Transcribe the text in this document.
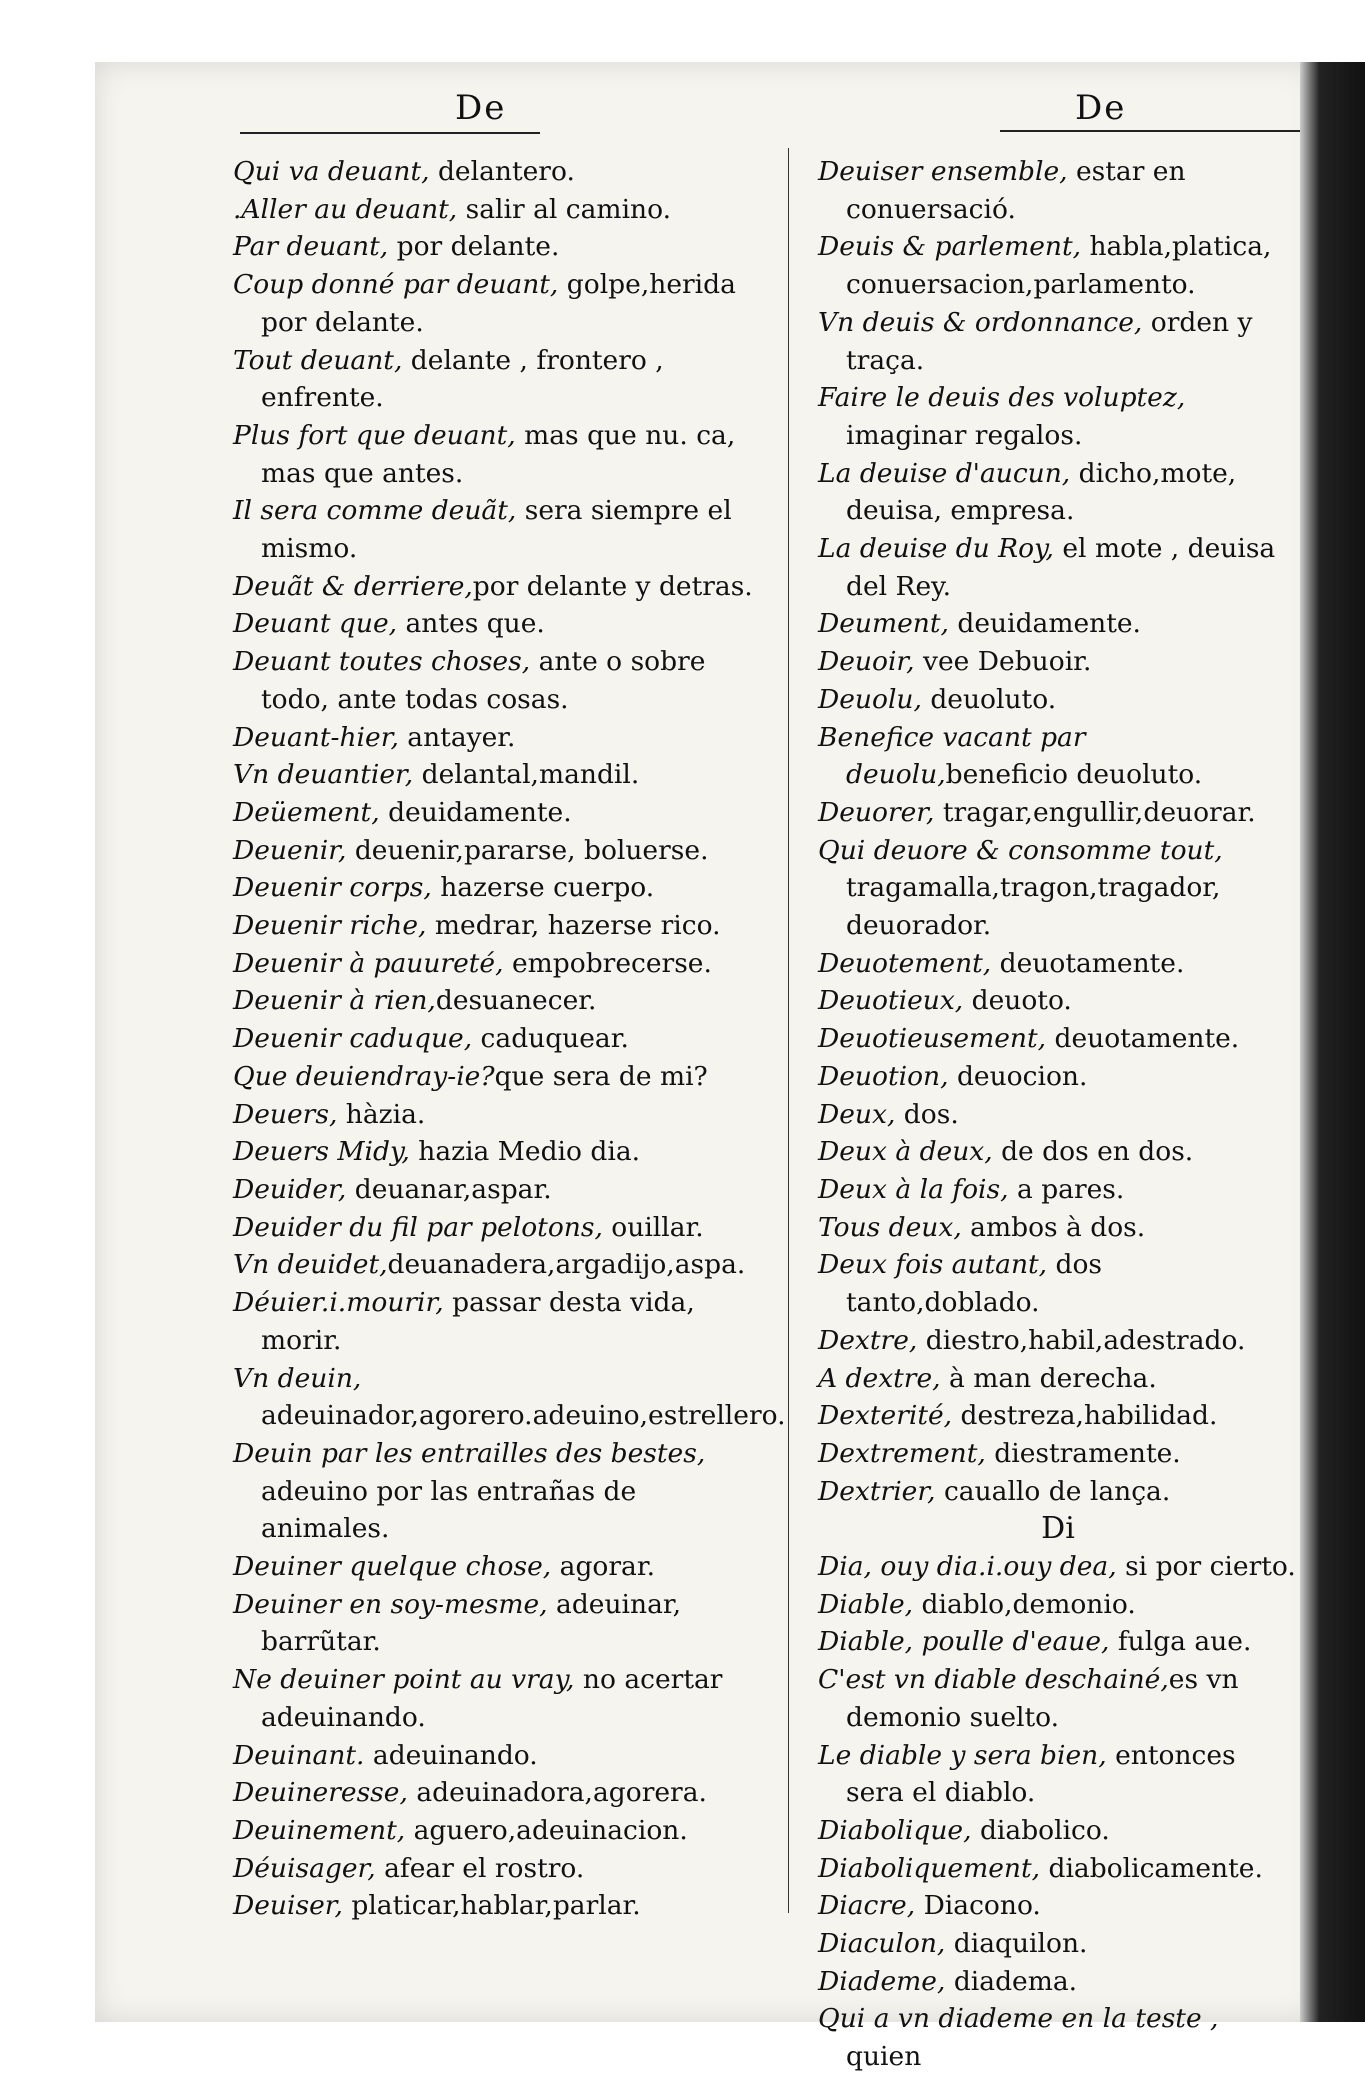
De	De

Qui va deuant, delantero.

.Aller au deuant, salir al camino.

Par deuant, por delante.

Coup donné par deuant, golpe,herida por delante.

Tout deuant, delante , frontero , enfrente.

Plus fort que deuant, mas que nu. ca, mas que antes.

Il sera comme deuãt, sera siempre el mismo.

Deuãt & derriere,por delante y detras.

Deuant que, antes que.

Deuant toutes choses, ante o sobre todo, ante todas cosas.

Deuant-hier, antayer.

Vn deuantier, delantal,mandil.

Deüement, deuidamente.

Deuenir, deuenir,pararse, boluerse.

Deuenir corps, hazerse cuerpo.

Deuenir riche, medrar, hazerse rico.

Deuenir à pauureté, empobrecerse.

Deuenir à rien,desuanecer.

Deuenir caduque, caduquear.

Que deuiendray-ie?que sera de mi?

Deuers, hàzia.

Deuers Midy, hazia Medio dia.

Deuider, deuanar,aspar.

Deuider du fil par pelotons, ouillar.

Vn deuidet,deuanadera,argadijo,aspa.

Déuier.i.mourir, passar desta vida, morir.

Vn deuin, adeuinador,agorero.adeuino,estrellero.

Deuin par les entrailles des bestes, adeuino por las entrañas de animales.

Deuiner quelque chose, agorar.

Deuiner en soy-mesme, adeuinar, barrũtar.

Ne deuiner point au vray, no acertar adeuinando.

Deuinant. adeuinando.

Deuineresse, adeuinadora,agorera.

Deuinement, aguero,adeuinacion.

Déuisager, afear el rostro.

Deuiser, platicar,hablar,parlar.

Deuiser ensemble, estar en conuersació.

Deuis & parlement, habla,platica, conuersacion,parlamento.

Vn deuis & ordonnance, orden y traça.

Faire le deuis des voluptez, imaginar regalos.

La deuise d'aucun, dicho,mote, deuisa, empresa.

La deuise du Roy, el mote , deuisa del Rey.

Deument, deuidamente.

Deuoir, vee Debuoir.

Deuolu, deuoluto.

Benefice vacant par deuolu,beneficio deuoluto.

Deuorer, tragar,engullir,deuorar.

Qui deuore & consomme tout, tragamalla,tragon,tragador, deuorador.

Deuotement, deuotamente.

Deuotieux, deuoto.

Deuotieusement, deuotamente.

Deuotion, deuocion.

Deux, dos.

Deux à deux, de dos en dos.

Deux à la fois, a pares.

Tous deux, ambos à dos.

Deux fois autant, dos tanto,doblado.

Dextre, diestro,habil,adestrado.

A dextre, à man derecha.

Dexterité, destreza,habilidad.

Dextrement, diestramente.

Dextrier, cauallo de lança.

Di

Dia, ouy dia.i.ouy dea, si por cierto.

Diable, diablo,demonio.

Diable, poulle d'eaue, fulga aue.

C'est vn diable deschainé,es vn demonio suelto.

Le diable y sera bien, entonces sera el diablo.

Diabolique, diabolico.

Diaboliquement, diabolicamente.

Diacre, Diacono.

Diaculon, diaquilon.

Diademe, diadema.

Qui a vn diademe en la teste , quien
